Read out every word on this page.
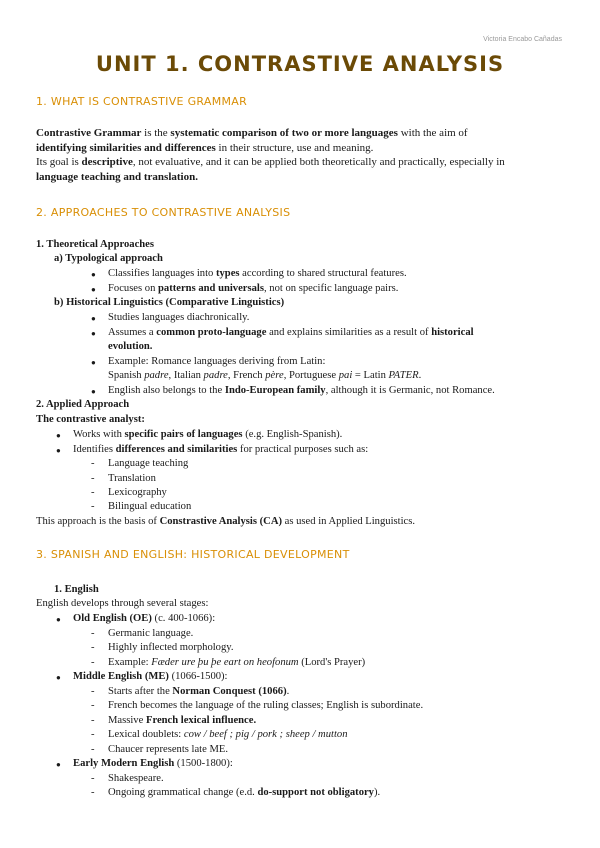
Victoria Encabo Cañadas
UNIT 1. CONTRASTIVE ANALYSIS
1. WHAT IS CONTRASTIVE GRAMMAR
Contrastive Grammar is the systematic comparison of two or more languages with the aim of
identifying similarities and differences in their structure, use and meaning.
Its goal is descriptive, not evaluative, and it can be applied both theoretically and practically, especially in
language teaching and translation.
2. APPROACHES TO CONTRASTIVE ANALYSIS
1. Theoretical Approaches
a) Typological approach
● Classifies languages into types according to shared structural features.
● Focuses on patterns and universals, not on specific language pairs.
b) Historical Linguistics (Comparative Linguistics)
● Studies languages diachronically.
● Assumes a common proto-language and explains similarities as a result of historical
evolution.
● Example: Romance languages deriving from Latin:
Spanish padre, Italian padre, French père, Portuguese pai = Latin PATER.
● English also belongs to the Indo-European family, although it is Germanic, not Romance.
2. Applied Approach
The contrastive analyst:
● Works with specific pairs of languages (e.g. English-Spanish).
● Identifies differences and similarities for practical purposes such as:
- Language teaching
- Translation
- Lexicography
- Bilingual education
This approach is the basis of Constrastive Analysis (CA) as used in Applied Linguistics.
3. SPANISH AND ENGLISH: HISTORICAL DEVELOPMENT
1. English
English develops through several stages:
● Old English (OE) (c. 400-1066):
- Germanic language.
- Highly inflected morphology.
- Example: Fæder ure þu þe eart on heofonum (Lord's Prayer)
● Middle English (ME) (1066-1500):
- Starts after the Norman Conquest (1066).
- French becomes the language of the ruling classes; English is subordinate.
- Massive French lexical influence.
- Lexical doublets: cow / beef ; pig / pork ; sheep / mutton
- Chaucer represents late ME.
● Early Modern English (1500-1800):
- Shakespeare.
- Ongoing grammatical change (e.d. do-support not obligatory).
